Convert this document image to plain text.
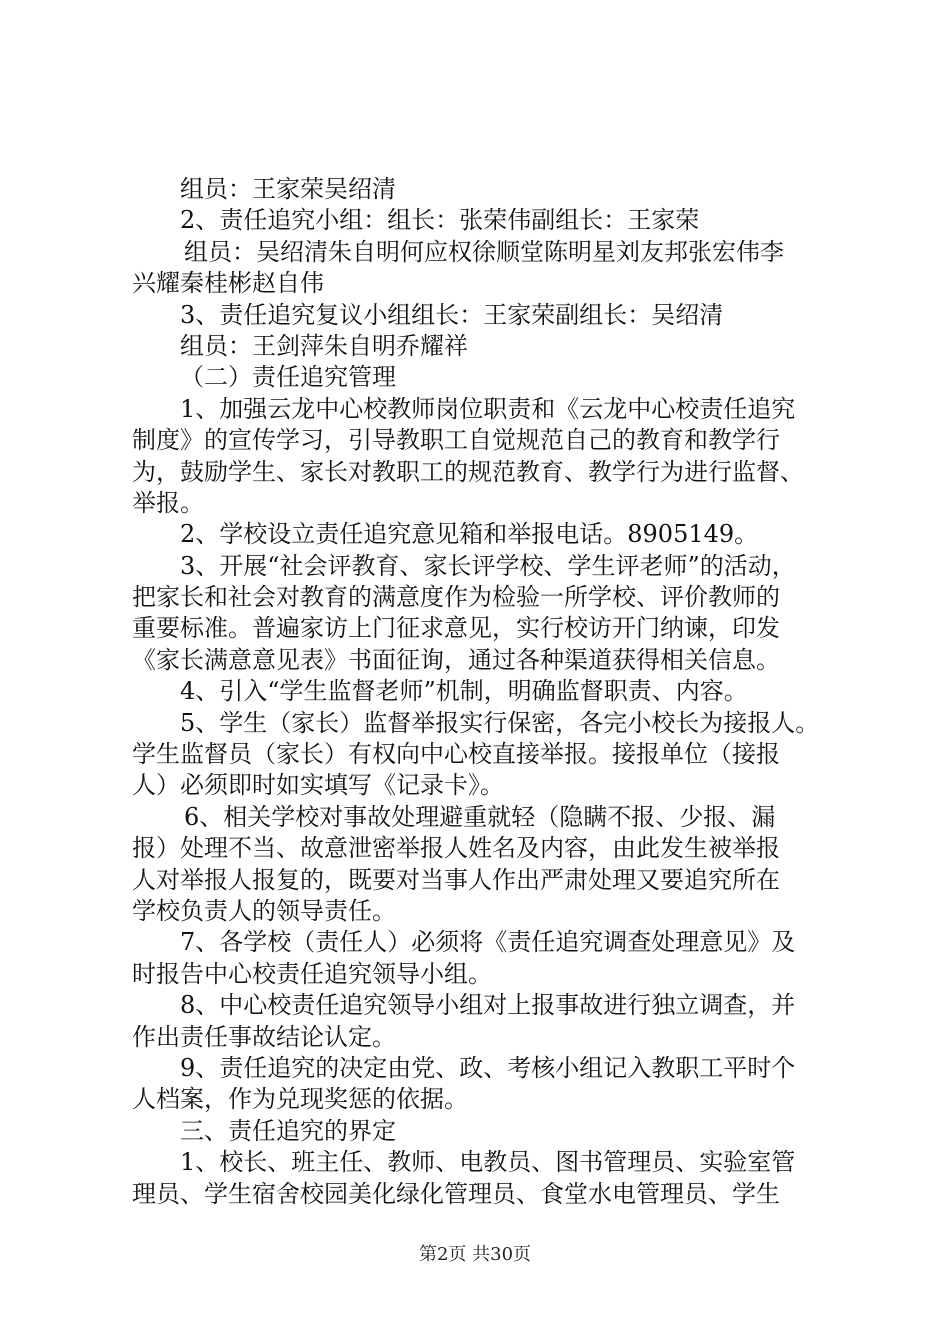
组员：王家荣吴绍清
2、责任追究小组：组长：张荣伟副组长：王家荣
组员：吴绍清朱自明何应权徐顺堂陈明星刘友邦张宏伟李
兴耀秦桂彬赵自伟
3、责任追究复议小组组长：王家荣副组长：吴绍清
组员：王剑萍朱自明乔耀祥
（二）责任追究管理
1、加强云龙中心校教师岗位职责和《云龙中心校责任追究
制度》的宣传学习，引导教职工自觉规范自己的教育和教学行
为，鼓励学生、家长对教职工的规范教育、教学行为进行监督、
举报。
2、学校设立责任追究意见箱和举报电话。8905149。
3、开展“社会评教育、家长评学校、学生评老师”的活动，
把家长和社会对教育的满意度作为检验一所学校、评价教师的
重要标准。普遍家访上门征求意见，实行校访开门纳谏，印发
《家长满意意见表》书面征询，通过各种渠道获得相关信息。
4、引入“学生监督老师”机制，明确监督职责、内容。
5、学生（家长）监督举报实行保密，各完小校长为接报人。
学生监督员（家长）有权向中心校直接举报。接报单位（接报
人）必须即时如实填写《记录卡》。
6、相关学校对事故处理避重就轻（隐瞒不报、少报、漏
报）处理不当、故意泄密举报人姓名及内容，由此发生被举报
人对举报人报复的，既要对当事人作出严肃处理又要追究所在
学校负责人的领导责任。
7、各学校（责任人）必须将《责任追究调查处理意见》及
时报告中心校责任追究领导小组。
8、中心校责任追究领导小组对上报事故进行独立调查，并
作出责任事故结论认定。
9、责任追究的决定由党、政、考核小组记入教职工平时个
人档案，作为兑现奖惩的依据。
三、责任追究的界定
1、校长、班主任、教师、电教员、图书管理员、实验室管
理员、学生宿舍校园美化绿化管理员、食堂水电管理员、学生
第2页 共30页
